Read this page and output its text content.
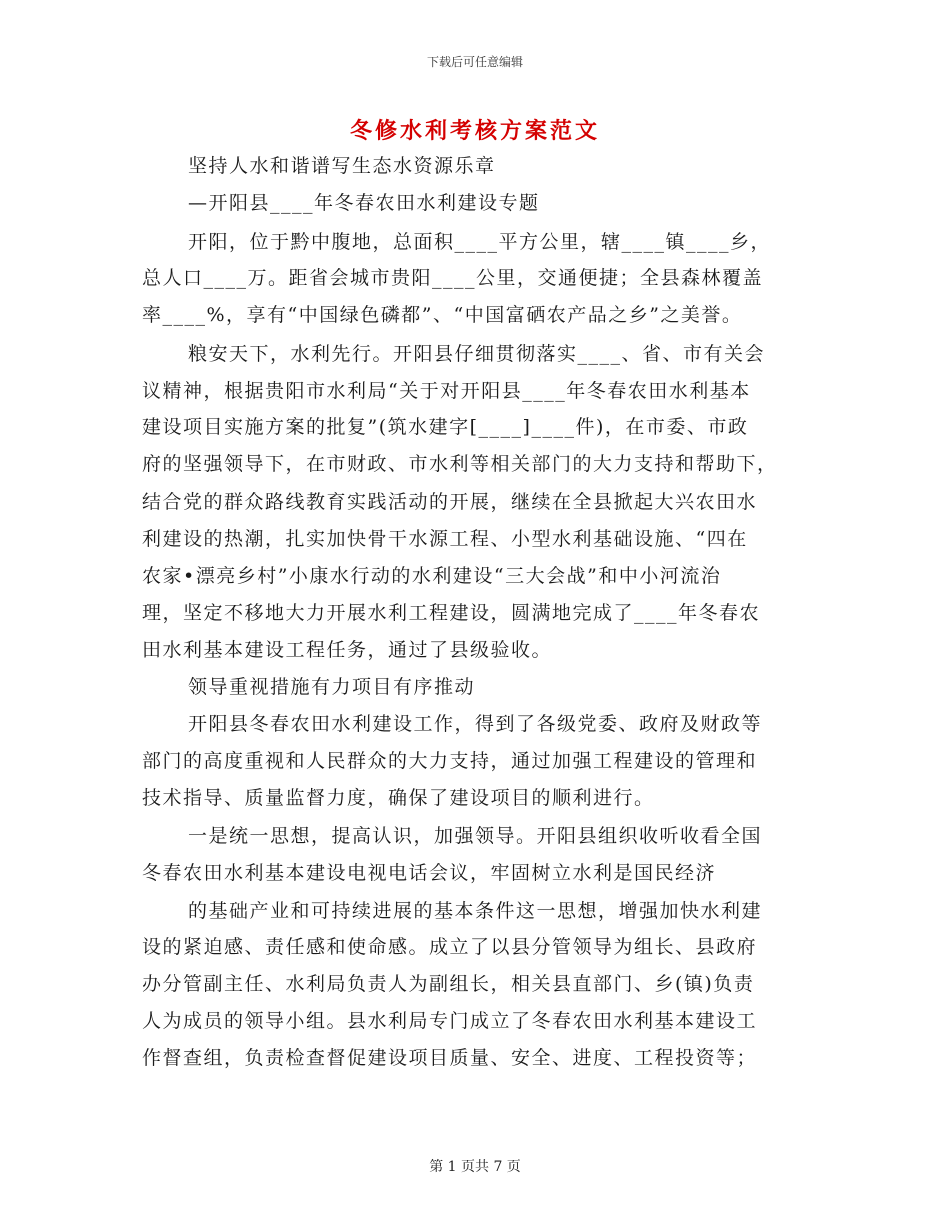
下载后可任意编辑
冬修水利考核方案范文
坚持人水和谐谱写生态水资源乐章
—开阳县____年冬春农田水利建设专题
开阳，位于黔中腹地，总面积____平方公里，辖____镇____乡，
总人口____万。距省会城市贵阳____公里，交通便捷；全县森林覆盖
率____%，享有“中国绿色磷都”、“中国富硒农产品之乡”之美誉。
粮安天下，水利先行。开阳县仔细贯彻落实____、省、市有关会
议精神，根据贵阳市水利局“关于对开阳县____年冬春农田水利基本
建设项目实施方案的批复”(筑水建字[____]____件)，在市委、市政
府的坚强领导下，在市财政、市水利等相关部门的大力支持和帮助下，
结合党的群众路线教育实践活动的开展，继续在全县掀起大兴农田水
利建设的热潮，扎实加快骨干水源工程、小型水利基础设施、“四在
农家•漂亮乡村”小康水行动的水利建设“三大会战”和中小河流治
理，坚定不移地大力开展水利工程建设，圆满地完成了____年冬春农
田水利基本建设工程任务，通过了县级验收。
领导重视措施有力项目有序推动
开阳县冬春农田水利建设工作，得到了各级党委、政府及财政等
部门的高度重视和人民群众的大力支持，通过加强工程建设的管理和
技术指导、质量监督力度，确保了建设项目的顺利进行。
一是统一思想，提高认识，加强领导。开阳县组织收听收看全国
冬春农田水利基本建设电视电话会议，牢固树立水利是国民经济
的基础产业和可持续进展的基本条件这一思想，增强加快水利建
设的紧迫感、责任感和使命感。成立了以县分管领导为组长、县政府
办分管副主任、水利局负责人为副组长，相关县直部门、乡(镇)负责
人为成员的领导小组。县水利局专门成立了冬春农田水利基本建设工
作督查组，负责检查督促建设项目质量、安全、进度、工程投资等；
第 1 页共 7 页
